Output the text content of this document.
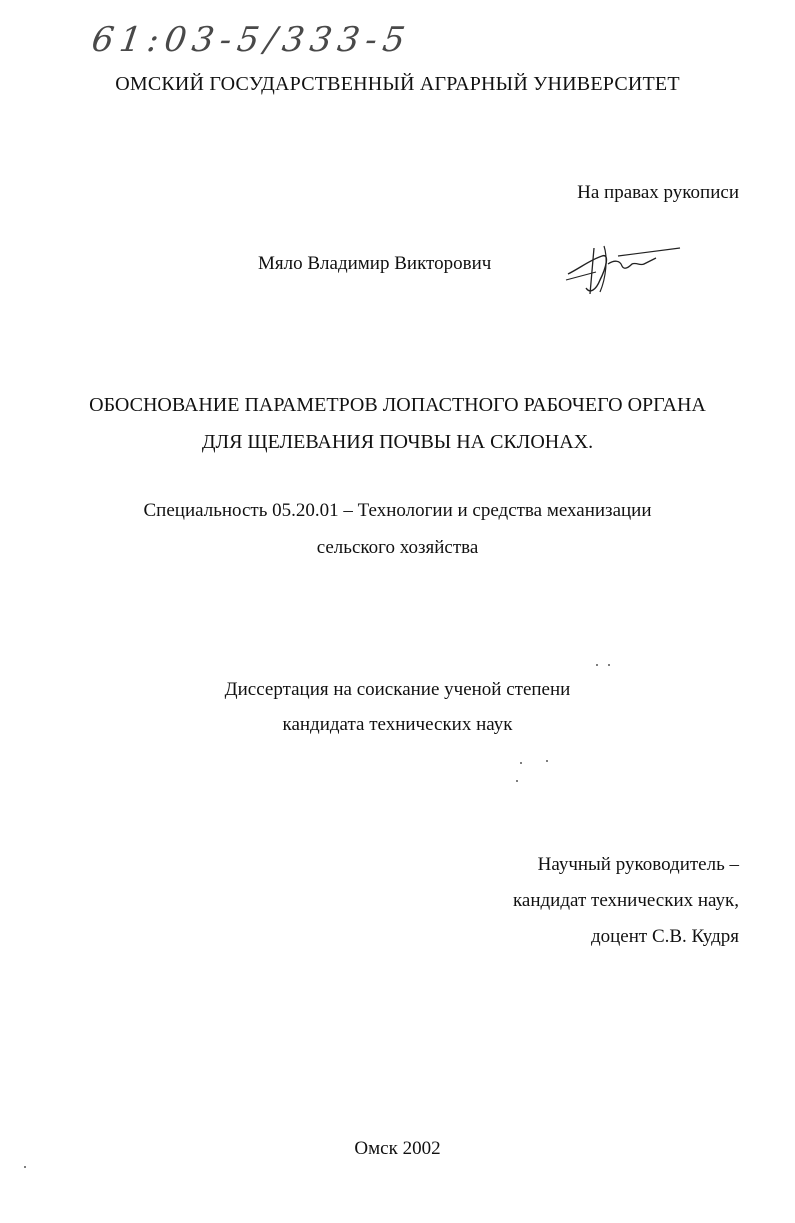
61:03-5/333-5
ОМСКИЙ ГОСУДАРСТВЕННЫЙ АГРАРНЫЙ УНИВЕРСИТЕТ
На правах рукописи
Мяло Владимир Викторович
ОБОСНОВАНИЕ ПАРАМЕТРОВ ЛОПАСТНОГО РАБОЧЕГО ОРГАНА
ДЛЯ ЩЕЛЕВАНИЯ ПОЧВЫ НА СКЛОНАХ.
Специальность 05.20.01 – Технологии и средства механизации
сельского хозяйства
Диссертация на соискание ученой степени
кандидата технических наук
Научный руководитель –
кандидат технических наук,
доцент С.В. Кудря
Омск 2002
